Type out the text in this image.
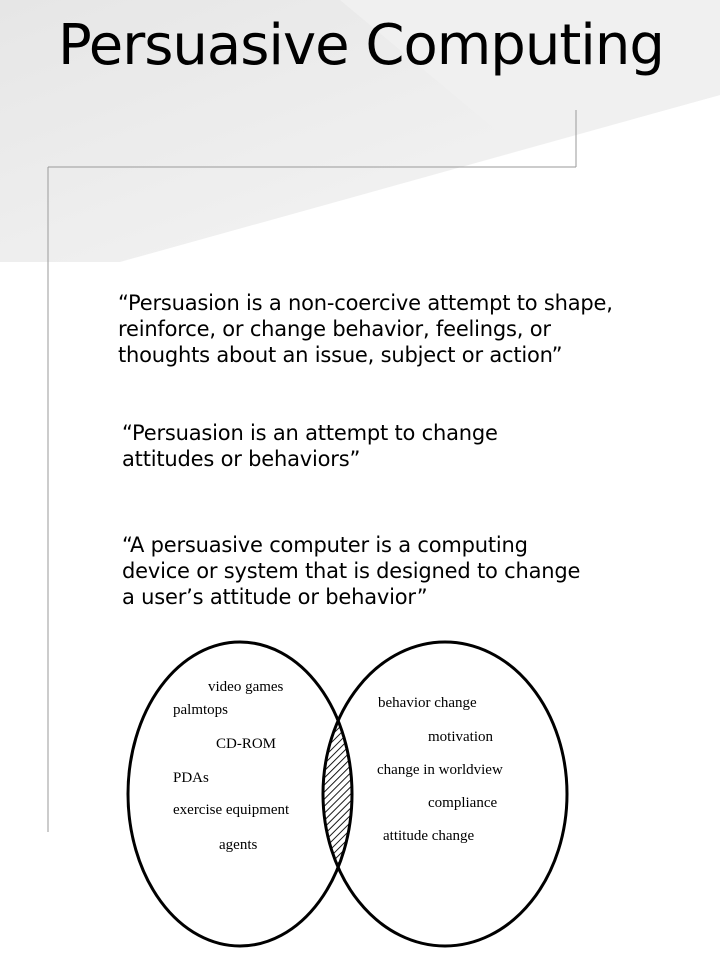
Persuasive Computing

“Persuasion is a non-coercive attempt to shape,
reinforce, or change behavior, feelings, or
thoughts about an issue, subject or action”

“Persuasion is an attempt to change
attitudes or behaviors”

“A persuasive computer is a computing
device or system that is designed to change
a user’s attitude or behavior”

video games
palmtops
CD-ROM
PDAs
exercise equipment
agents
behavior change
motivation
change in worldview
compliance
attitude change
